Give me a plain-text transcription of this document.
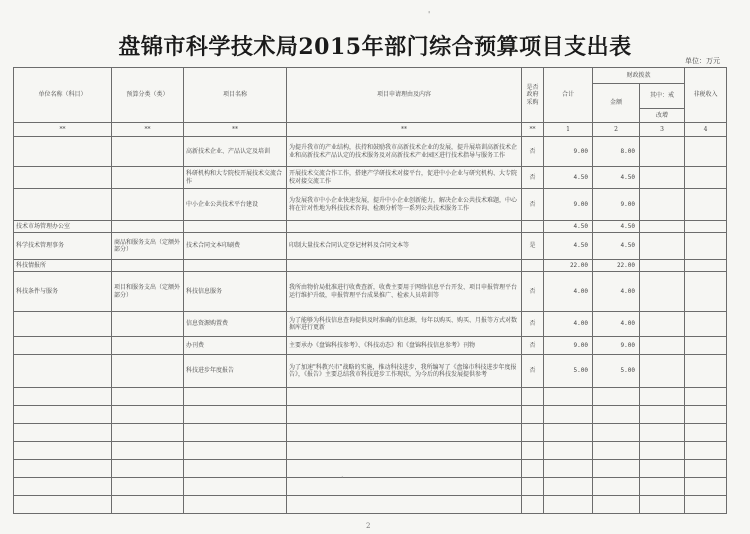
'
盘锦市科学技术局2015年部门综合预算项目支出表
单位：万元
单位名称（科目）	预算分类（类）	项目名称	项目申请理由及内容	是否政府采购	合计	财政拨款		非税收入
						金额	其中：戒	
							改增	
**	**	**	**	**	1	2	3	4
		高新技术企业、产品认定及培训	为提升我市的产业结构，扶持和鼓励我市高新技术企业的发展，提升展培训高新技术企业和高新技术产品认定的技术服务及对高新技术产业园区进行技术指导与服务工作	否	9.00	8.00		
		科研机构和大专院校开展技术交流合作	开展技术交流合作工作，搭建产学研技术对接平台，促进中小企业与研究机构、大专院校对接交流工作	否	4.50	4.50		
		中小企业公共技术平台建设	为发展我市中小企业快速发展，提升中小企业创新能力，解决企业公共技术难题，中心将在针对性地为科技技术咨询、检测分析等一系列公共技术服务工作	否	9.00	9.00		
技术市场管理办公室					4.50	4.50		
科学技术管理事务	商品和服务支出（定额外部分）	技术合同文本印刷费	印制大量技术合同认定登记材料及合同文本等	是	4.50	4.50		
科技情报所					22.00	22.00		
科技条件与服务	项目和服务支出（定额外部分）	科技信息服务	我所由物价局批准进行收费查新，收费主要用于网络信息平台开发、项目申报管理平台运行维护升级，申报管理平台成果推广、检索人员培训等	否	4.00	4.00		
		信息资源购置费	为了能够为科技信息查询提供及时准确的信息源，每年以购买、购买、月报等方式对数据库进行更新	否	4.00	4.00		
		办刊费	主要承办《盘锦科技参考》、《科技动态》和《盘锦科技信息参考》刊物	否	9.00	9.00		
		科技进步年度报告	为了加速"科教兴市"战略的实施，推动科技进步，我所编写了《盘锦市科技进步年度报告》，《报告》主要总结我市科技进步工作现状，为今后的科技发展提供参考	否	5.00	5.00		

·
2
